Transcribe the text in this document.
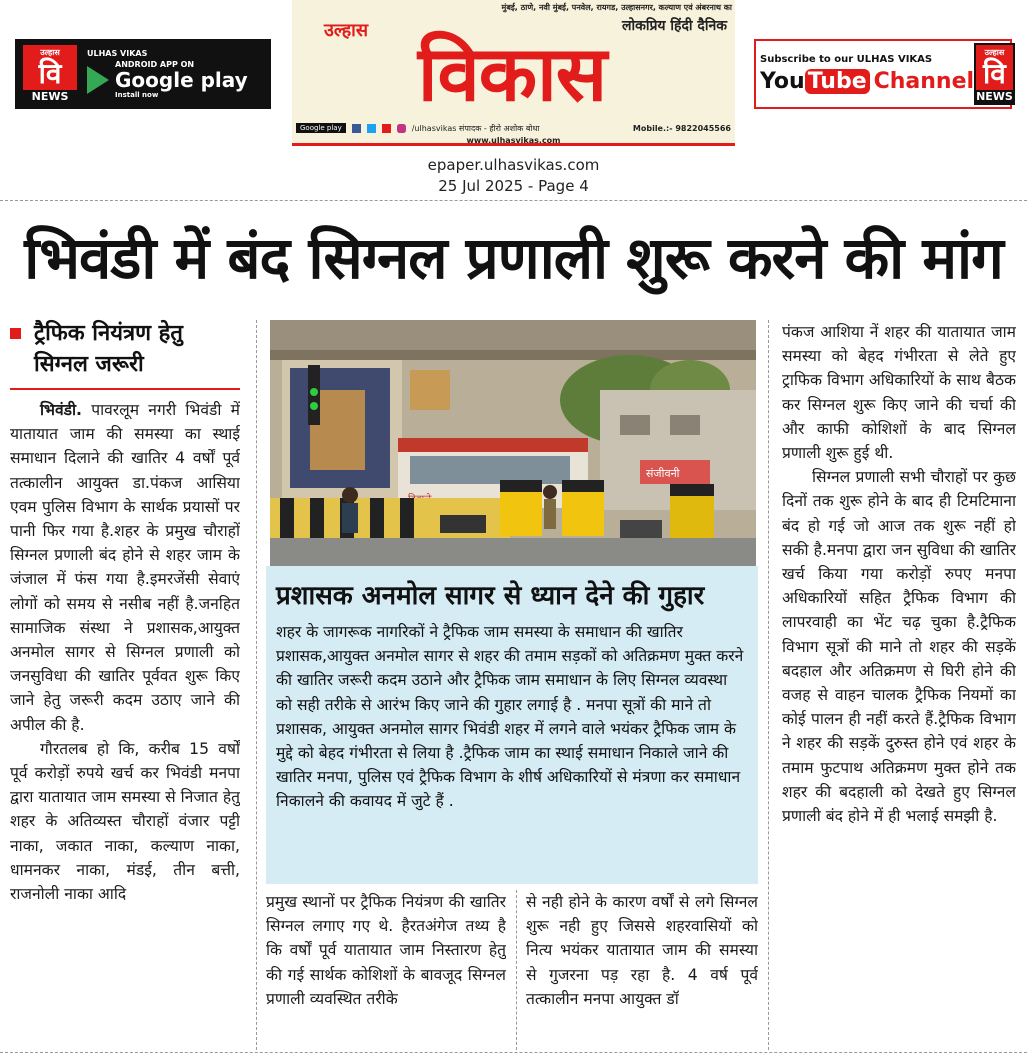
उल्हास
वि
NEWS
ULHAS VIKAS
ANDROID APP ON
Google play
Install now
मुंबई, ठाणे, नवी मुंबई, पनवेल, रायगड, उल्हासनगर, कल्याण एवं अंबरनाथ का
लोकप्रिय हिंदी दैनिक
उल्हास विकास
Google play	/ulhasvikas संपादक - हीरो अशोक बोधा	Mobile.:- 9822045566
www.ulhasvikas.com
Subscribe to our ULHAS VIKAS
You Tube Channel
उल्हास
वि
NEWS
epaper.ulhasvikas.com
25 Jul 2025 - Page 4
भिवंडी में बंद सिग्नल प्रणाली शुरू करने की मांग
ट्रैफिक नियंत्रण हेतु सिग्नल जरूरी

भिवंडी. पावरलूम नगरी भिवंडी में यातायात जाम की समस्या का स्थाई समाधान दिलाने की खातिर 4 वर्षों पूर्व तत्कालीन आयुक्त डा.पंकज आसिया एवम पुलिस विभाग के सार्थक प्रयासों पर पानी फिर गया है.शहर के प्रमुख चौराहों सिग्नल प्रणाली बंद होने से शहर जाम के जंजाल में फंस गया है.इमरजेंसी सेवाएं लोगों को समय से नसीब नहीं है.जनहित सामाजिक संस्था ने प्रशासक,आयुक्त अनमोल सागर से सिग्नल प्रणाली को जनसुविधा की खातिर पूर्ववत शुरू किए जाने हेतु जरूरी कदम उठाए जाने की अपील की है.

गौरतलब हो कि, करीब 15 वर्षों पूर्व करोड़ों रुपये खर्च कर भिवंडी मनपा द्वारा यातायात जाम समस्या से निजात हेतु शहर के अतिव्यस्त चौराहों वंजार पट्टी नाका, जकात नाका, कल्याण नाका, धामनकर नाका, मंडई, तीन बत्ती, राजनोली नाका आदि

संजीवनी
प्रशासक अनमोल सागर से ध्यान देने की गुहार
शहर के जागरूक नागरिकों ने ट्रैफिक जाम समस्या के समाधान की खातिर प्रशासक,आयुक्त अनमोल सागर से शहर की तमाम सड़कों को अतिक्रमण मुक्त करने की खातिर जरूरी कदम उठाने और ट्रैफिक जाम समाधान के लिए सिग्नल व्यवस्था को सही तरीके से आरंभ किए जाने की गुहार लगाई है . मनपा सूत्रों की माने तो प्रशासक, आयुक्त अनमोल सागर भिवंडी शहर में लगने वाले भयंकर ट्रैफिक जाम के मुद्दे को बेहद गंभीरता से लिया है .ट्रैफिक जाम का स्थाई समाधान निकाले जाने की खातिर मनपा, पुलिस एवं ट्रैफिक विभाग के शीर्ष अधिकारियों से मंत्रणा कर समाधान निकालने की कवायद में जुटे हैं .

प्रमुख स्थानों पर ट्रैफिक नियंत्रण की खातिर सिग्नल लगाए गए थे. हैरतअंगेज तथ्य है कि वर्षों पूर्व यातायात जाम निस्तारण हेतु की गई सार्थक कोशिशों के बावजूद सिग्नल प्रणाली व्यवस्थित तरीके

से नही होने के कारण वर्षों से लगे सिग्नल शुरू नही हुए जिससे शहरवासियों को नित्य भयंकर यातायात जाम की समस्या से गुजरना पड़ रहा है. 4 वर्ष पूर्व तत्कालीन मनपा आयुक्त डॉ

पंकज आशिया नें शहर की यातायात जाम समस्या को बेहद गंभीरता से लेते हुए ट्राफिक विभाग अधिकारियों के साथ बैठक कर सिग्नल शुरू किए जाने की चर्चा की और काफी कोशिशों के बाद सिग्नल प्रणाली शुरू हुई थी.

सिग्नल प्रणाली सभी चौराहों पर कुछ दिनों तक शुरू होने के बाद ही टिमटिमाना बंद हो गई जो आज तक शुरू नहीं हो सकी है.मनपा द्वारा जन सुविधा की खातिर खर्च किया गया करोड़ों रुपए मनपा अधिकारियों सहित ट्रैफिक विभाग की लापरवाही का भेंट चढ़ चुका है.ट्रैफिक विभाग सूत्रों की माने तो शहर की सड़कें बदहाल और अतिक्रमण से घिरी होने की वजह से वाहन चालक ट्रैफिक नियमों का कोई पालन ही नहीं करते हैं.ट्रैफिक विभाग ने शहर की सड़कें दुरुस्त होने एवं शहर के तमाम फुटपाथ अतिक्रमण मुक्त होने तक शहर की बदहाली को देखते हुए सिग्नल प्रणाली बंद होने में ही भलाई समझी है.
